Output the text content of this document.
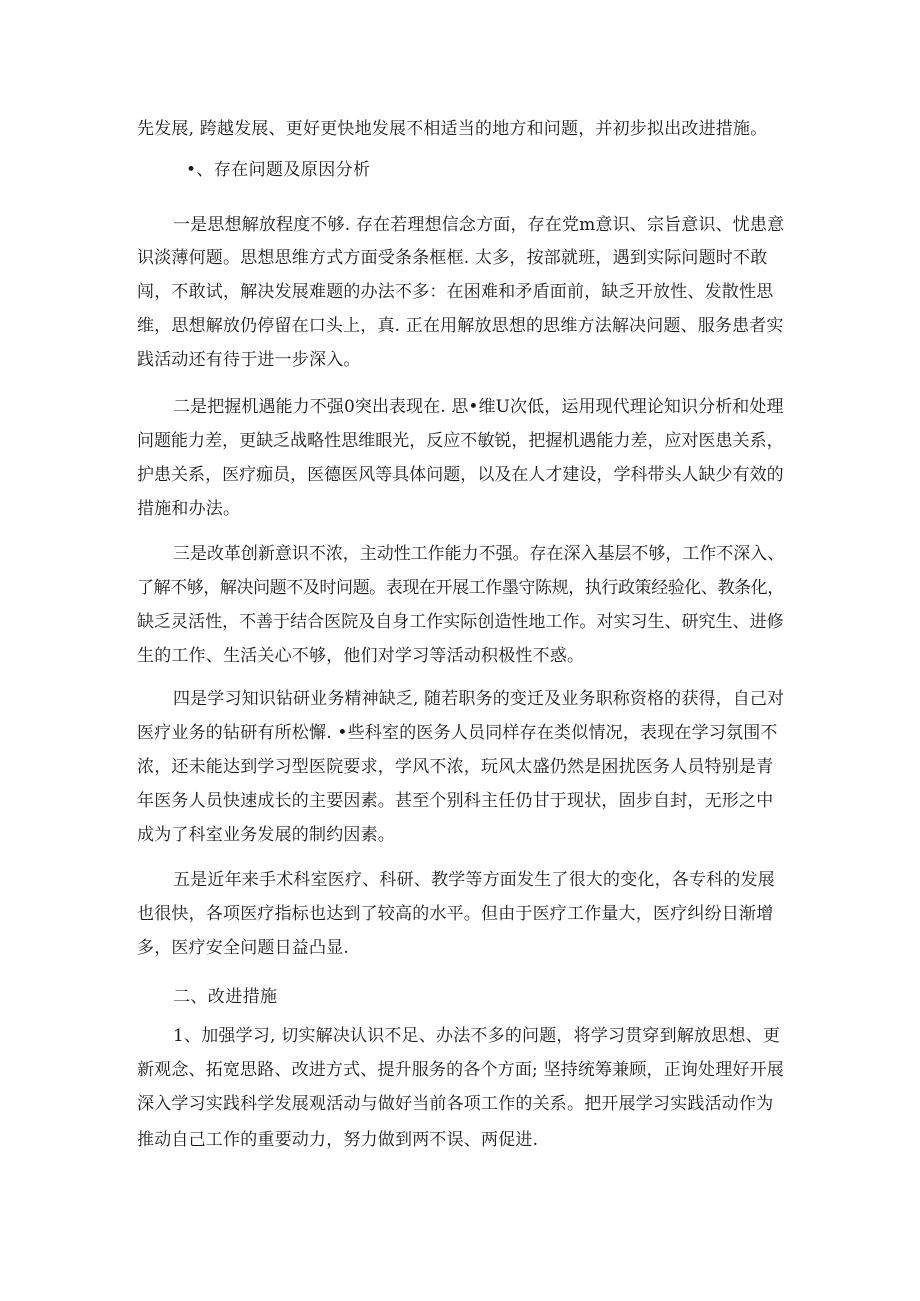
先发展, 跨越发展、更好更快地发展不相适当的地方和问题，并初步拟出改进措施。
•、存在问题及原因分析
一是思想解放程度不够. 存在若理想信念方面，存在党m意识、宗旨意识、忧患意
识淡薄何题。思想思维方式方面受条条框框. 太多，按部就班，遇到实际问题时不敢
闯，不敢试，解决发展难题的办法不多：在困难和矛盾面前，缺乏开放性、发散性思
维，思想解放仍停留在口头上，真. 正在用解放思想的思维方法解决问题、服务患者实
践活动还有待于进一步深入。
二是把握机遇能力不强0突出表现在. 思•维U次低，运用现代理论知识分析和处理
问题能力差，更缺乏战略性思维眼光，反应不敏锐，把握机遇能力差，应对医患关系，
护患关系，医疗痂员，医德医风等具体问题，以及在人才建设，学科带头人缺少有效的
措施和办法。
三是改革创新意识不浓，主动性工作能力不强。存在深入基层不够，工作不深入、
了解不够，解决问题不及时问题。表现在开展工作墨守陈规，执行政策经验化、教条化，
缺乏灵活性，不善于结合医院及自身工作实际创造性地工作。对实习生、研究生、进修
生的工作、生活关心不够，他们对学习等活动积极性不惑。
四是学习知识钻研业务精神缺乏, 随若职务的变迁及业务职称资格的获得，自己对
医疗业务的钻研有所松懈. •些科室的医务人员同样存在类似情况，表现在学习氛围不
浓，还未能达到学习型医院要求，学风不浓，玩风太盛仍然是困扰医务人员特别是青
年医务人员快速成长的主要因素。甚至个别科主任仍甘于现状，固步自封，无形之中
成为了科室业务发展的制约因素。
五是近年来手术科室医疗、科研、教学等方面发生了很大的变化，各专科的发展
也很快，各项医疗指标也达到了较高的水平。但由于医疗工作量大，医疗纠纷日渐增
多，医疗安全问题日益凸显.
二、改进措施
1、加强学习, 切实解决认识不足、办法不多的问题，将学习贯穿到解放思想、更
新观念、拓宽思路、改进方式、提升服务的各个方面; 坚持统筹兼顾，正询处理好开展
深入学习实践科学发展观活动与做好当前各项工作的关系。把开展学习实践活动作为
推动自己工作的重要动力，努力做到两不误、两促进.
